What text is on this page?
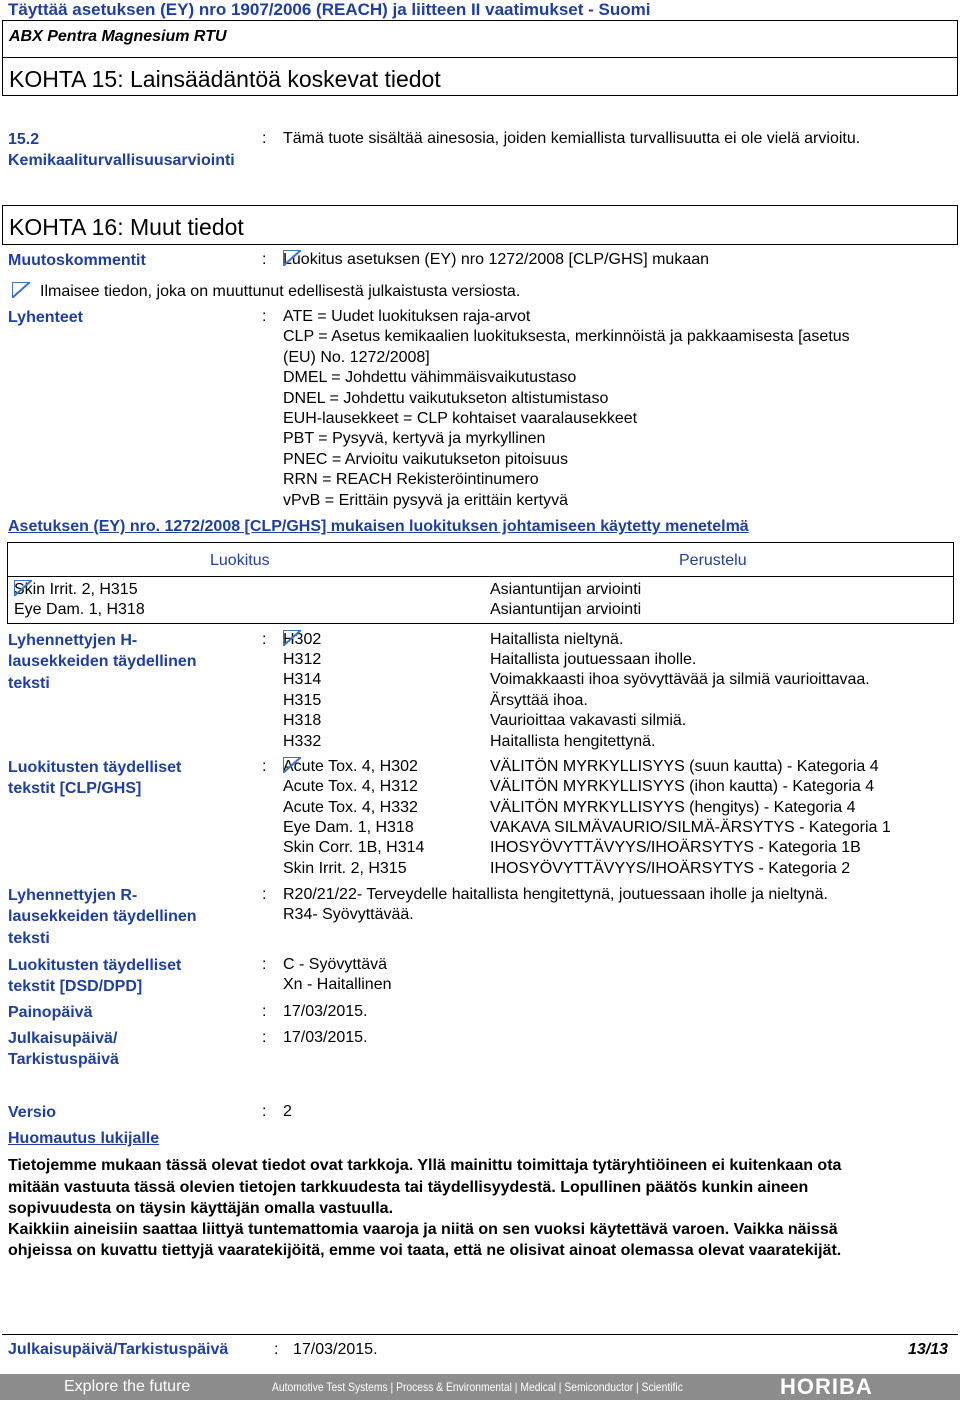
Täyttää asetuksen (EY) nro 1907/2006 (REACH) ja liitteen II vaatimukset - Suomi
ABX Pentra Magnesium RTU
KOHTA 15: Lainsäädäntöä koskevat tiedot
15.2
Kemikaaliturvallisuusarviointi
: Tämä tuote sisältää ainesosia, joiden kemiallista turvallisuutta ei ole vielä arvioitu.
KOHTA 16: Muut tiedot
Muutoskommentit	: Luokitus asetuksen (EY) nro 1272/2008 [CLP/GHS] mukaan
Ilmaisee tiedon, joka on muuttunut edellisestä julkaistusta versiosta.
Lyhenteet	: ATE = Uudet luokituksen raja-arvot
CLP = Asetus kemikaalien luokituksesta, merkinnöistä ja pakkaamisesta [asetus
(EU) No. 1272/2008]
DMEL = Johdettu vähimmäisvaikutustaso
DNEL = Johdettu vaikutukseton altistumistaso
EUH-lausekkeet = CLP kohtaiset vaaralausekkeet
PBT = Pysyvä, kertyvä ja myrkyllinen
PNEC = Arvioitu vaikutukseton pitoisuus
RRN = REACH Rekisteröintinumero
vPvB = Erittäin pysyvä ja erittäin kertyvä
Asetuksen (EY) nro. 1272/2008 [CLP/GHS] mukaisen luokituksen johtamiseen käytetty menetelmä
Luokitus	Perustelu
Skin Irrit. 2, H315	Asiantuntijan arviointi
Eye Dam. 1, H318	Asiantuntijan arviointi
Lyhennettyjen H-
lausekkeiden täydellinen
teksti
: H302	Haitallista nieltynä.
H312	Haitallista joutuessaan iholle.
H314	Voimakkaasti ihoa syövyttävää ja silmiä vaurioittavaa.
H315	Ärsyttää ihoa.
H318	Vaurioittaa vakavasti silmiä.
H332	Haitallista hengitettynä.
Luokitusten täydelliset
tekstit [CLP/GHS]
: Acute Tox. 4, H302	VÄLITÖN MYRKYLLISYYS (suun kautta) - Kategoria 4
Acute Tox. 4, H312	VÄLITÖN MYRKYLLISYYS (ihon kautta) - Kategoria 4
Acute Tox. 4, H332	VÄLITÖN MYRKYLLISYYS (hengitys) - Kategoria 4
Eye Dam. 1, H318	VAKAVA SILMÄVAURIO/SILMÄ-ÄRSYTYS - Kategoria 1
Skin Corr. 1B, H314	IHOSYÖVYTTÄVYYS/IHOÄRSYTYS - Kategoria 1B
Skin Irrit. 2, H315	IHOSYÖVYTTÄVYYS/IHOÄRSYTYS - Kategoria 2
Lyhennettyjen R-
lausekkeiden täydellinen
teksti
: R20/21/22- Terveydelle haitallista hengitettynä, joutuessaan iholle ja nieltynä.
R34- Syövyttävää.
Luokitusten täydelliset
tekstit [DSD/DPD]
: C - Syövyttävä
Xn - Haitallinen
Painopäivä	: 17/03/2015.
Julkaisupäivä/
Tarkistuspäivä
: 17/03/2015.
Versio	: 2
Huomautus lukijalle
Tietojemme mukaan tässä olevat tiedot ovat tarkkoja. Yllä mainittu toimittaja tytäryhtiöineen ei kuitenkaan ota
mitään vastuuta tässä olevien tietojen tarkkuudesta tai täydellisyydestä. Lopullinen päätös kunkin aineen
sopivuudesta on täysin käyttäjän omalla vastuulla.
Kaikkiin aineisiin saattaa liittyä tuntemattomia vaaroja ja niitä on sen vuoksi käytettävä varoen. Vaikka näissä
ohjeissa on kuvattu tiettyjä vaaratekijöitä, emme voi taata, että ne olisivat ainoat olemassa olevat vaaratekijät.
Julkaisupäivä/Tarkistuspäivä	: 17/03/2015.	13/13
Explore the future	Automotive Test Systems | Process & Environmental | Medical | Semiconductor | Scientific	HORIBA
